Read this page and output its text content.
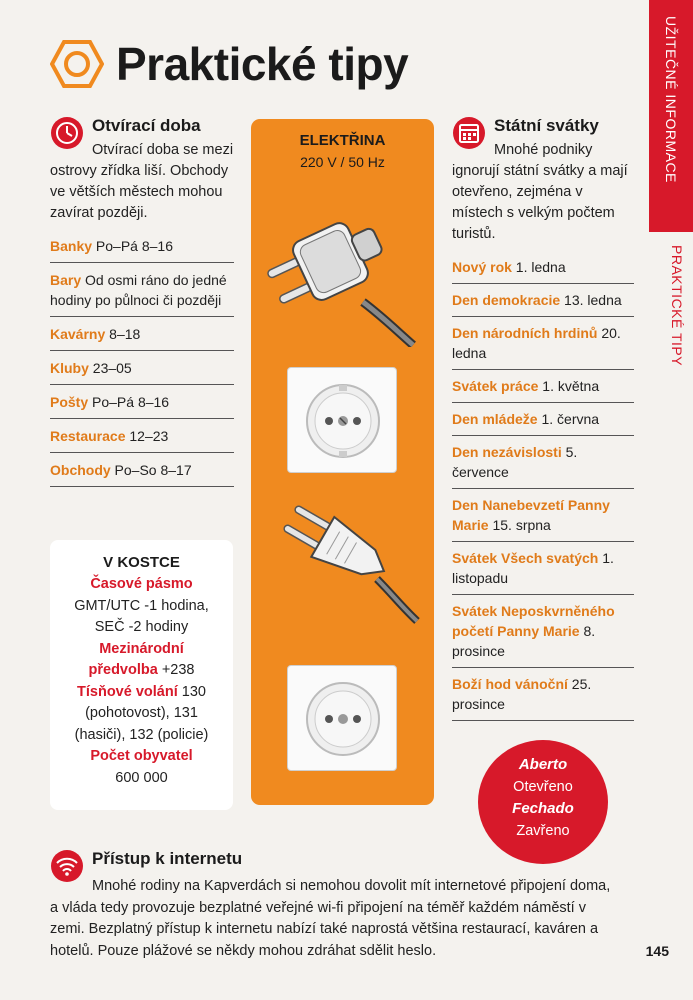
Praktické tipy	UŽITEČNÉ INFORMACE
PRAKTICKÉ TIPY
Otvírací doba

Otvírací doba se mezi ostrovy zřídka liší. Obchody ve větších městech mohou zavírat později.

Banky Po–Pá 8–16
Bary Od osmi ráno do jedné hodiny po půlnoci či později
Kavárny 8–18
Kluby 23–05
Pošty Po–Pá 8–16
Restaurace 12–23
Obchody Po–So 8–17
V KOSTCE
Časové pásmo
GMT/UTC -1 hodina, SEČ -2 hodiny
Mezinárodní předvolba +238
Tísňové volání 130 (pohotovost), 131 (hasiči), 132 (policie)
Počet obyvatel
600 000
ELEKTŘINA
220 V / 50 Hz
Státní svátky

Mnohé podniky ignorují státní svátky a mají otevřeno, zejména v místech s velkým počtem turistů.

Nový rok 1. ledna
Den demokracie 13. ledna
Den národních hrdinů 20. ledna
Svátek práce 1. května
Den mládeže 1. června
Den nezávislosti 5. července
Den Nanebevzetí Panny Marie 15. srpna
Svátek Všech svatých 1. listopadu
Svátek Neposkvrněného početí Panny Marie 8. prosince
Boží hod vánoční 25. prosince
Aberto
Otevřeno
Fechado
Zavřeno
Přístup k internetu

Mnohé rodiny na Kapverdách si nemohou dovolit mít internetové připojení doma, a vláda tedy provozuje bezplatné veřejné wi-fi připojení na téměř každém náměstí v zemi. Bezplatný přístup k internetu nabízí také naprostá většina restaurací, kaváren a hotelů. Pouze plážové se někdy mohou zdráhat sdělit heslo.	145
